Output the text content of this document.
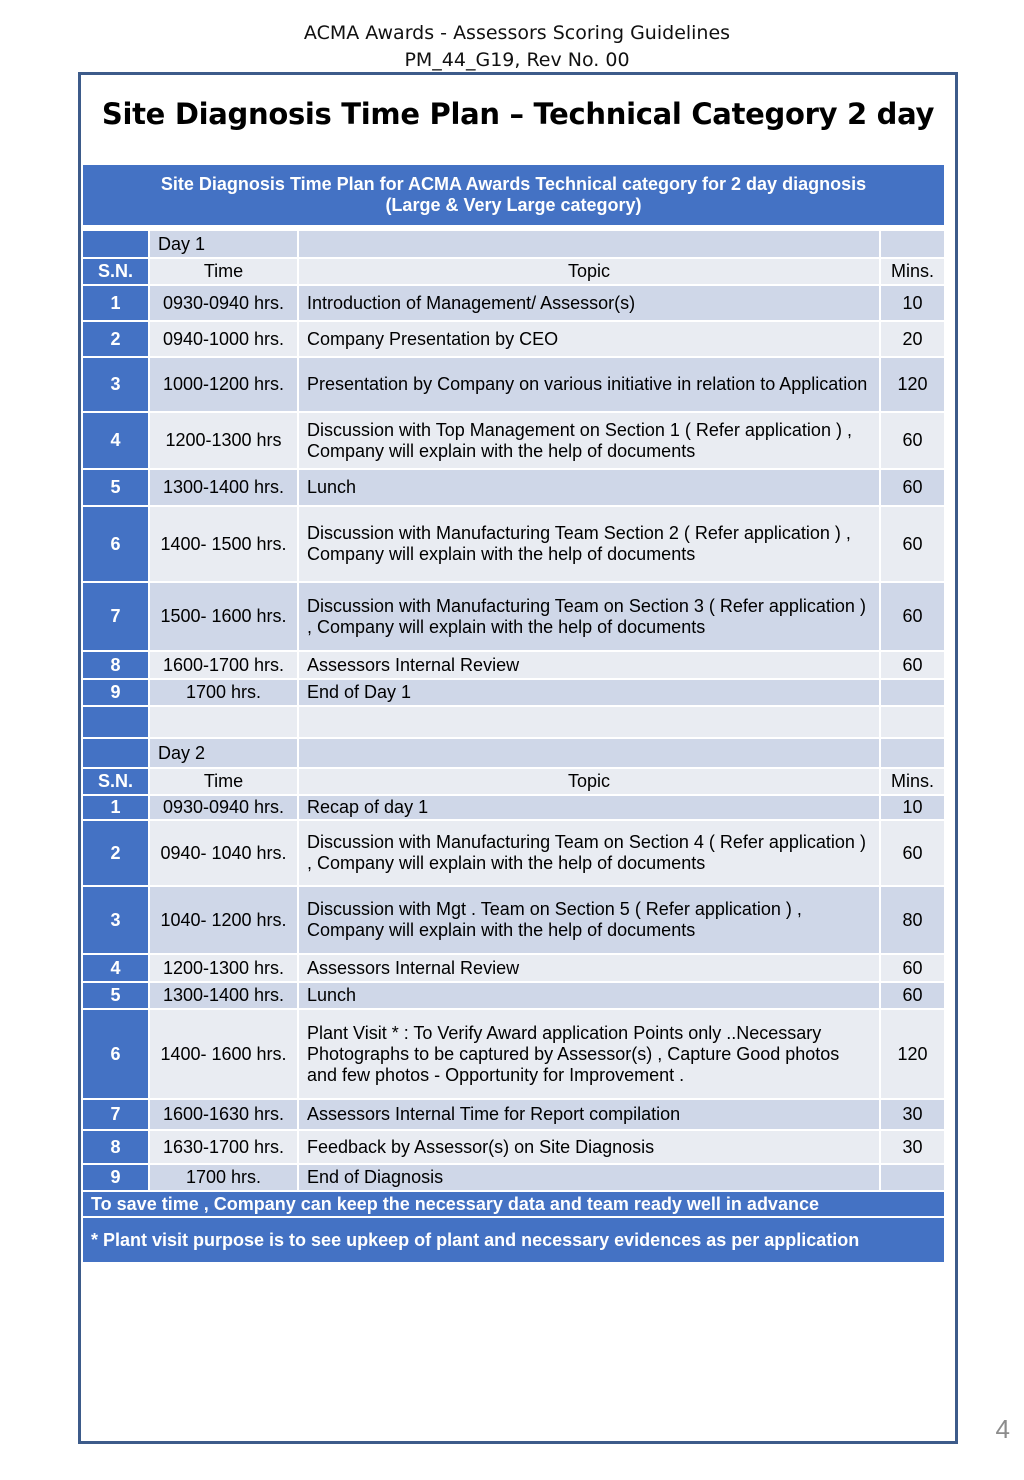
ACMA Awards - Assessors Scoring Guidelines
PM_44_G19, Rev No. 00
Site Diagnosis Time Plan – Technical Category 2 day
Site Diagnosis Time Plan for ACMA Awards Technical category for 2 day diagnosis
(Large & Very Large category)			

	Day 1		
S.N.	Time	Topic	Mins.
1	0930-0940 hrs.	Introduction of Management/ Assessor(s)	10
2	0940-1000 hrs.	Company Presentation by CEO	20
3	1000-1200 hrs.	Presentation by Company on various initiative in relation to Application	120
4	1200-1300 hrs	Discussion with Top Management on Section 1 ( Refer application ) , Company will explain with the help of documents	60
5	1300-1400 hrs.	Lunch	60
6	1400- 1500 hrs.	Discussion with Manufacturing Team Section 2 ( Refer application ) , Company will explain with the help of documents	60
7	1500- 1600 hrs.	Discussion with Manufacturing Team on Section 3 ( Refer application ) , Company will explain with the help of documents	60
8	1600-1700 hrs.	Assessors Internal Review	60
9	1700 hrs.	End of Day 1	

	Day 2		
S.N.	Time	Topic	Mins.
1	0930-0940 hrs.	Recap of day 1	10
2	0940- 1040 hrs.	Discussion with Manufacturing Team on Section 4 ( Refer application ) , Company will explain with the help of documents	60
3	1040- 1200 hrs.	Discussion with Mgt . Team on Section 5 ( Refer application ) , Company will explain with the help of documents	80
4	1200-1300 hrs.	Assessors Internal Review	60
5	1300-1400 hrs.	Lunch	60
6	1400- 1600 hrs.	Plant Visit * : To Verify Award application Points only ..Necessary Photographs to be captured by Assessor(s) , Capture Good photos and few photos - Opportunity for Improvement .	120
7	1600-1630 hrs.	Assessors Internal Time for Report compilation	30
8	1630-1700 hrs.	Feedback by Assessor(s) on Site Diagnosis	30
9	1700 hrs.	End of Diagnosis	
To save time , Company can keep the necessary data and team ready well in advance			
* Plant visit purpose is to see upkeep of plant and necessary evidences as per application			
4
